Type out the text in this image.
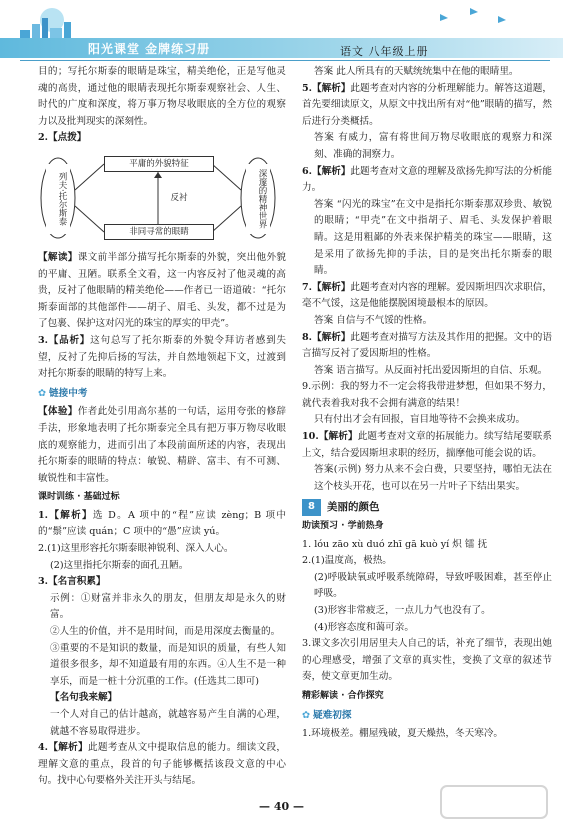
阳光课堂 金牌练习册	语文 八年级上册

目的；写托尔斯泰的眼睛是珠宝，精美绝伦，正是写他灵魂的高贵，通过他的眼睛表现托尔斯泰观察社会、人生、时代的广度和深度，将万事万物尽收眼底的全方位的观察力以及批判现实的深刻性。

2.【点拨】

列夫·托尔斯泰
平庸的外貌特征
反衬
非同寻常的眼睛
深邃的精神世界

【解读】课文前半部分描写托尔斯泰的外貌，突出他外貌的平庸、丑陋。联系全文看，这一内容反衬了他灵魂的高贵，反衬了他眼睛的精美绝伦——作者已一语道破：“托尔斯泰面部的其他部件——胡子、眉毛、头发，都不过是为了包裹、保护这对闪光的珠宝的厚实的甲壳”。

3.【品析】这句总写了托尔斯泰的外貌令拜访者感到失望，反衬了先抑后扬的写法，并自然地领起下文，过渡到对托尔斯泰的眼睛的特写上来。

✿ 链接中考

【体验】作者此处引用高尔基的一句话，运用夸张的修辞手法，形象地表明了托尔斯泰完全具有把万事万物尽收眼底的观察能力，进而引出了本段前面所述的内容，表现出托尔斯泰的眼睛的特点：敏锐、精辟、富丰、有不可测、敏锐性和丰富性。

课时训练 · 基础过标

1.【解析】选 D。A 项中的“程”应读 zèng；B 项中的“鬃”应读 quán；C 项中的“愚”应读 yú。

2.(1)这里形容托尔斯泰眼神锐利、深入人心。

(2)这里指托尔斯泰的面孔丑陋。

3.【名言积累】

示例：①财富并非永久的朋友，但朋友却是永久的财富。

②人生的价值，并不是用时间，而是用深度去衡量的。

③重要的不是知识的数量，而是知识的质量，有些人知道很多很多，却不知道最有用的东西。④人生不是一种享乐，而是一桩十分沉重的工作。(任选其二即可)

【名句我来解】

一个人对自己的估计越高，就越容易产生自满的心理，就越不容易取得进步。

4.【解析】此题考查从文中提取信息的能力。细读文段，理解文意的重点，段首的句子能够概括该段文意的中心句。找中心句要格外关注开头与结尾。

答案 此人所具有的天赋统统集中在他的眼睛里。

5.【解析】此题考查对内容的分析理解能力。解答这道题，首先要细读原文，从原文中找出所有对“他”眼睛的描写，然后进行分类概括。

答案 有威力，富有将世间万物尽收眼底的观察力和深刻、准确的洞察力。

6.【解析】此题考查对文意的理解及欲扬先抑写法的分析能力。

答案 “闪光的珠宝”在文中是指托尔斯泰那双珍贵、敏锐的眼睛；“甲壳”在文中指胡子、眉毛、头发保护着眼睛。这是用粗鄙的外表来保护精美的珠宝——眼睛，这是采用了欲扬先抑的手法，目的是突出托尔斯泰的眼睛。

7.【解析】此题考查对内容的理解。爱因斯坦四次求职信，毫不气馁，这是他能摆脱困境最根本的原因。

答案 自信与不气馁的性格。

8.【解析】此题考查对描写方法及其作用的把握。文中的语言描写反衬了爱因斯坦的性格。

答案 语言描写。从反面衬托出爱因斯坦的自信、乐观。

9.示例：我的努力不一定会将我带进梦想，但如果不努力，就代表着我对我不会拥有满意的结果！

只有付出才会有回报，盲目地等待不会换来成功。

10.【解析】此题考查对文章的拓展能力。续写结尾要联系上文，结合爱因斯坦求职的经历，揣摩他可能会说的话。

答案(示例) 努力从来不会白费，只要坚持，哪怕无法在这个枝头开花，也可以在另一片叶子下结出果实。

8	美丽的颜色
助读预习 · 学前热身

1. lóu zāo xù duó zhī gā kuò yí 炽 镭 抚

2.(1)温度高，极热。

(2)呼吸缺氧或呼吸系统障碍，导致呼吸困难，甚至停止呼吸。

(3)形容非常疲乏，一点儿力气也没有了。

(4)形容态度和蔼可亲。

3.课文多次引用居里夫人自己的话，补充了细节，表现出她的心理感受，增强了文章的真实性，变换了文章的叙述节奏，使文章更加生动。

精彩解读 · 合作探究
✿ 疑难初探

1.环境极差。棚屋残破，夏天燥热，冬天寒冷。

— 40 —
